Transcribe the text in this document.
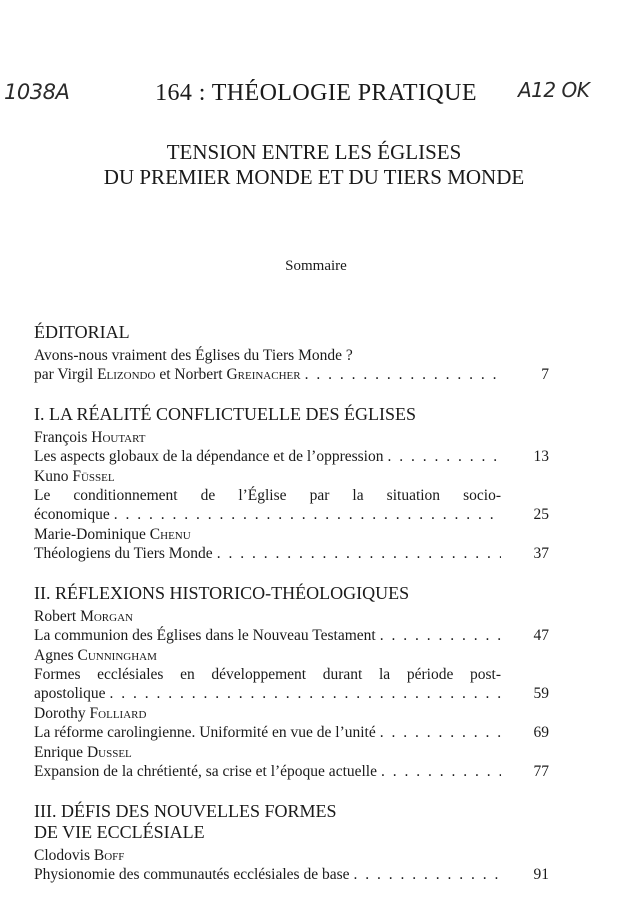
1038A	A12 OK
164 : THÉOLOGIE PRATIQUE
TENSION ENTRE LES ÉGLISES
DU PREMIER MONDE ET DU TIERS MONDE
Sommaire
ÉDITORIAL
Avons-nous vraiment des Églises du Tiers Monde ?
par Virgil Elizondo et Norbert Greinacher . . .	7
I. LA RÉALITÉ CONFLICTUELLE DES ÉGLISES
François Houtart
Les aspects globaux de la dépendance et de l’oppression . . .	13
Kuno Füssel
Le conditionnement de l’Église par la situation socio-
économique . . .	25
Marie-Dominique Chenu
Théologiens du Tiers Monde . . .	37
II. RÉFLEXIONS HISTORICO-THÉOLOGIQUES
Robert Morgan
La communion des Églises dans le Nouveau Testament . . .	47
Agnes Cunningham
Formes ecclésiales en développement durant la période post-
apostolique . . .	59
Dorothy Folliard
La réforme carolingienne. Uniformité en vue de l’unité . . .	69
Enrique Dussel
Expansion de la chrétienté, sa crise et l’époque actuelle . . .	77
III. DÉFIS DES NOUVELLES FORMES
DE VIE ECCLÉSIALE
Clodovis Boff
Physionomie des communautés ecclésiales de base . . .	91
